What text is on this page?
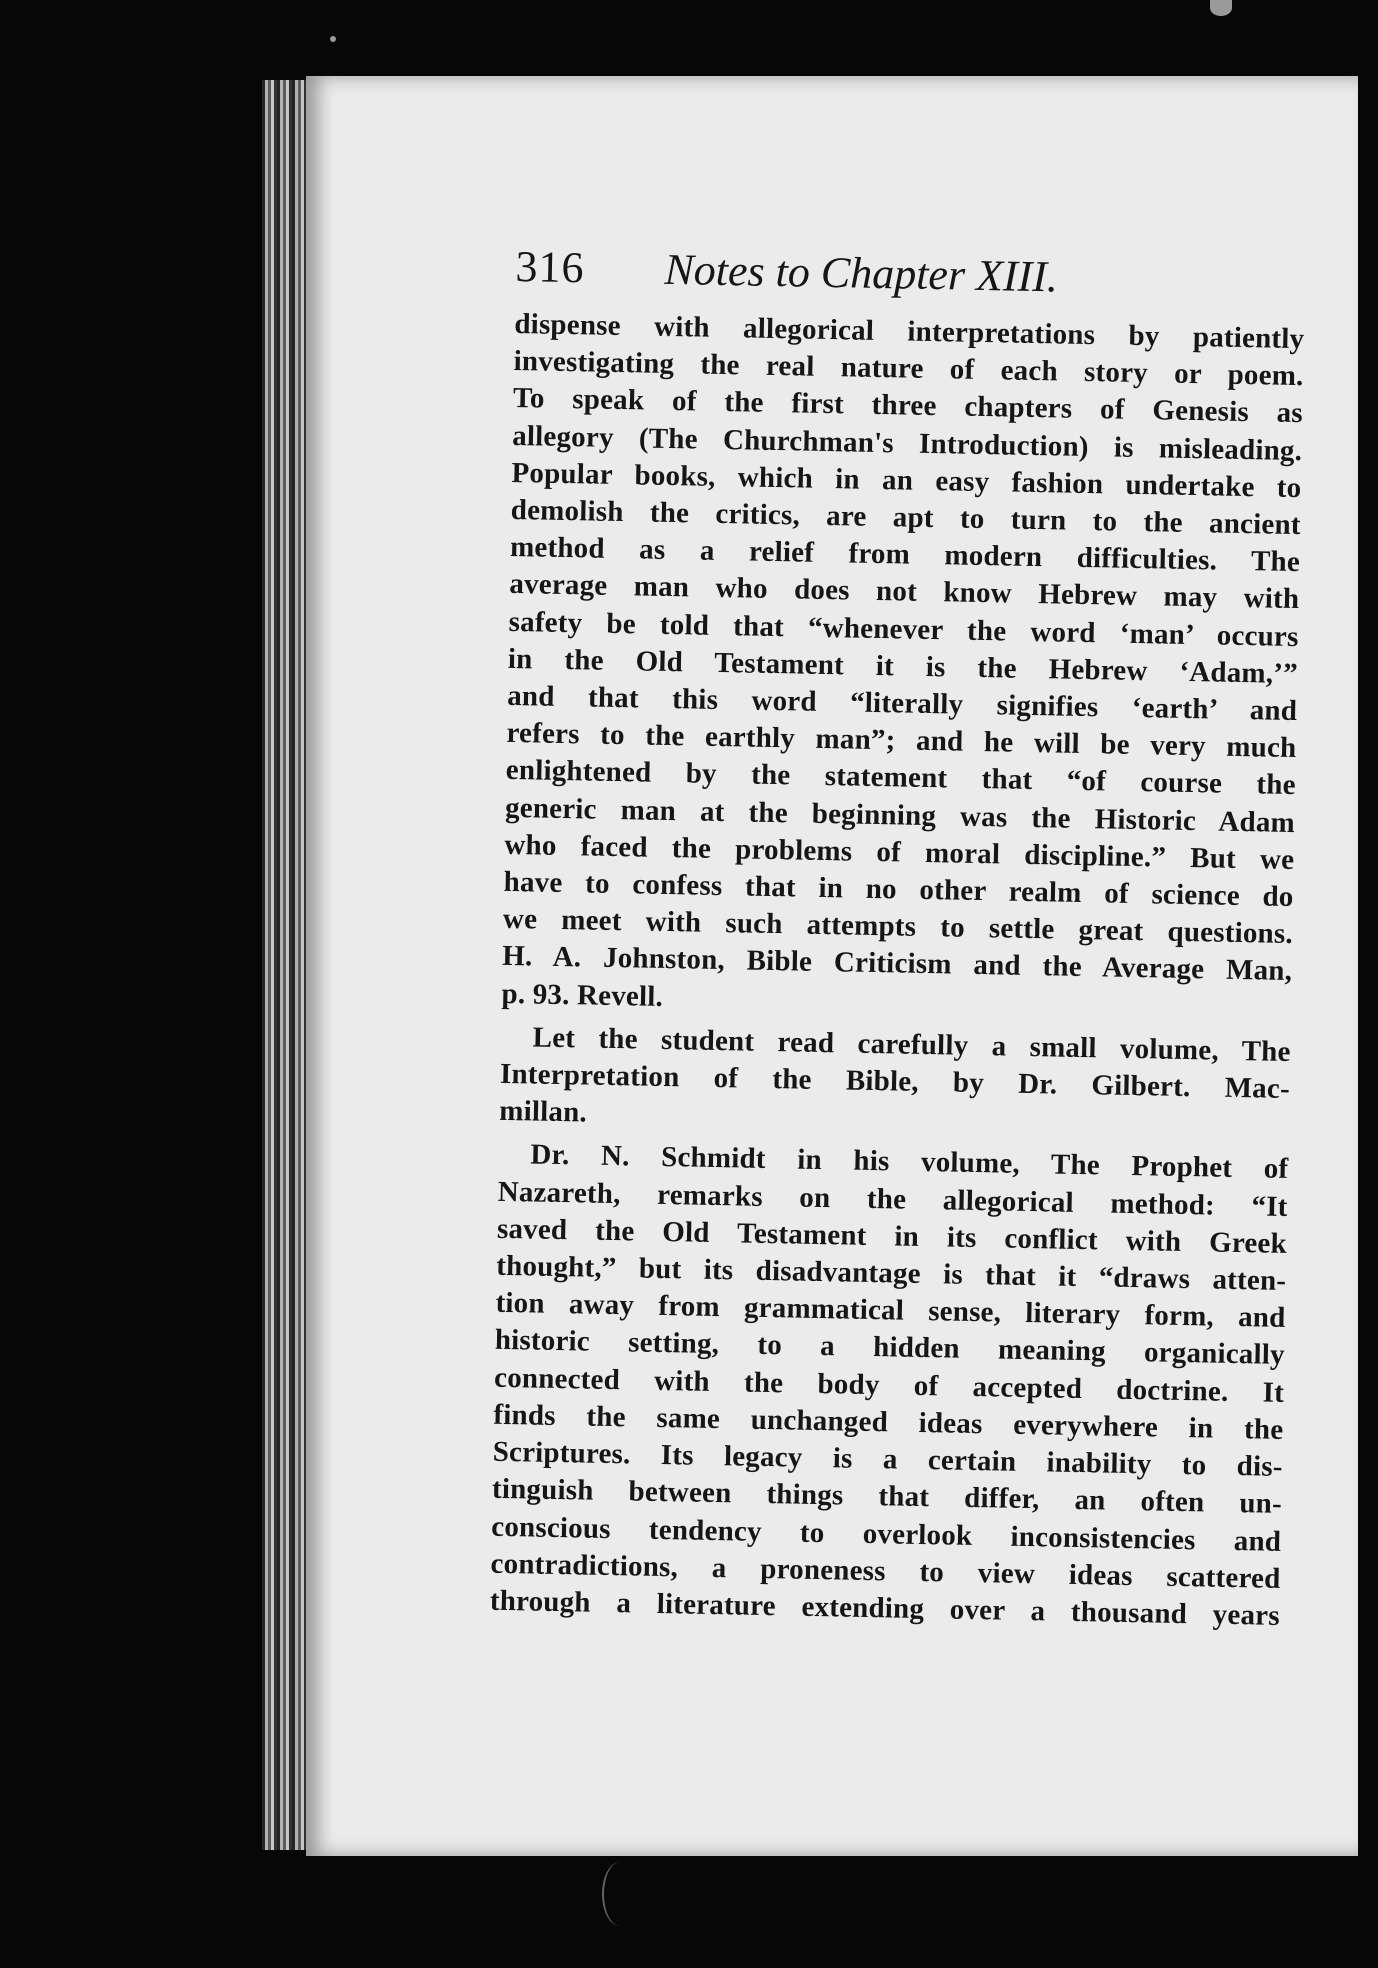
316 Notes to Chapter XIII.

dispense with allegorical interpretations by patiently

investigating the real nature of each story or poem.

To speak of the first three chapters of Genesis as

allegory (The Churchman's Introduction) is misleading.

Popular books, which in an easy fashion undertake to

demolish the critics, are apt to turn to the ancient

method as a relief from modern difficulties. The

average man who does not know Hebrew may with

safety be told that “whenever the word ‘man’ occurs

in the Old Testament it is the Hebrew ‘Adam,’”

and that this word “literally signifies ‘earth’ and

refers to the earthly man”; and he will be very much

enlightened by the statement that “of course the

generic man at the beginning was the Historic Adam

who faced the problems of moral discipline.” But we

have to confess that in no other realm of science do

we meet with such attempts to settle great questions.

H. A. Johnston, Bible Criticism and the Average Man,

p. 93. Revell.

Let the student read carefully a small volume, The

Interpretation of the Bible, by Dr. Gilbert. Mac-

millan.

Dr. N. Schmidt in his volume, The Prophet of

Nazareth, remarks on the allegorical method: “It

saved the Old Testament in its conflict with Greek

thought,” but its disadvantage is that it “draws atten-

tion away from grammatical sense, literary form, and

historic setting, to a hidden meaning organically

connected with the body of accepted doctrine. It

finds the same unchanged ideas everywhere in the

Scriptures. Its legacy is a certain inability to dis-

tinguish between things that differ, an often un-

conscious tendency to overlook inconsistencies and

contradictions, a proneness to view ideas scattered

through a literature extending over a thousand years
